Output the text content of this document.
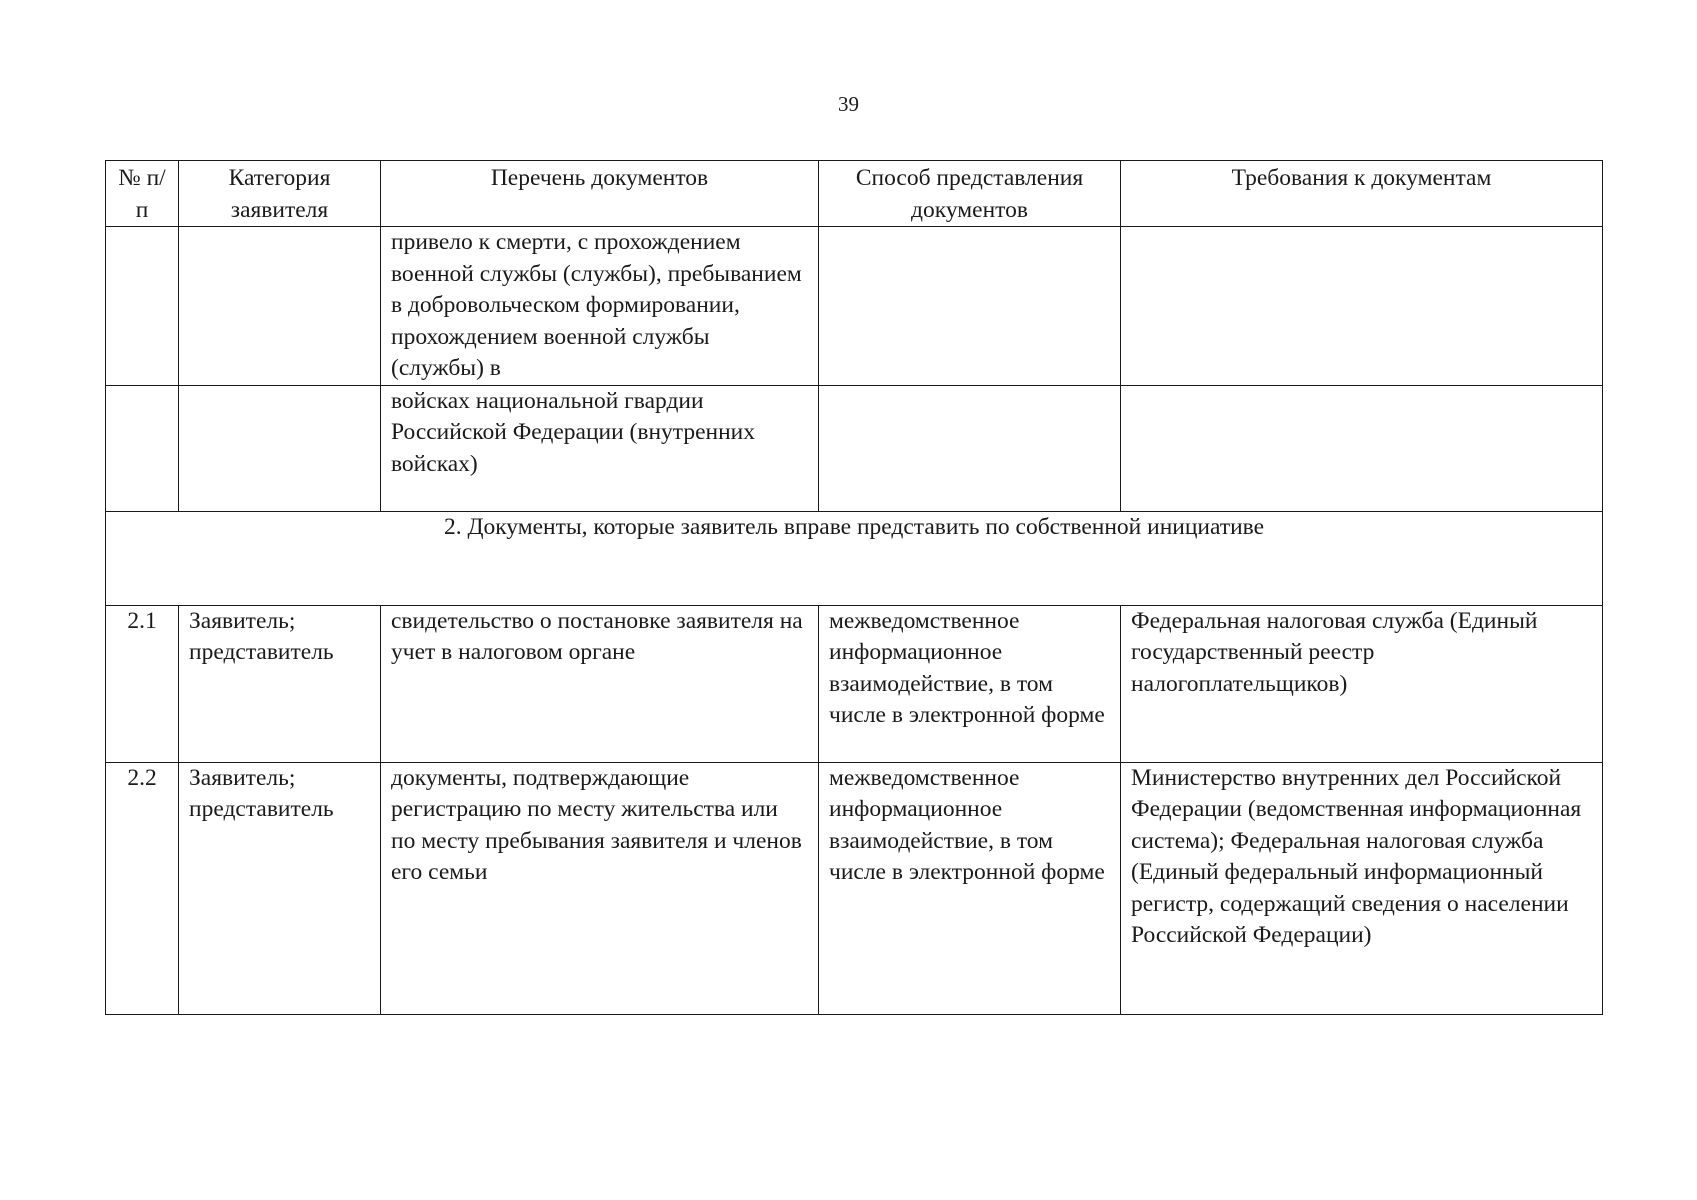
39
№ п/п	Категория заявителя	Перечень документов	Способ представления документов	Требования к документам
		привело к смерти, с прохождением военной службы (службы), пребыванием в добровольческом формировании, прохождением военной службы (службы) в		
		войсках национальной гвардии Российской Федерации (внутренних войсках)		
2. Документы, которые заявитель вправе представить по собственной инициативе				
2.1	Заявитель; представитель	свидетельство о постановке заявителя на учет в налоговом органе	межведомственное информационное взаимодействие, в том числе в электронной форме	Федеральная налоговая служба (Единый государственный реестр налогоплательщиков)
2.2	Заявитель; представитель	документы, подтверждающие регистрацию по месту жительства или по месту пребывания заявителя и членов его семьи	межведомственное информационное взаимодействие, в том числе в электронной форме	Министерство внутренних дел Российской Федерации (ведомственная информационная система); Федеральная налоговая служба (Единый федеральный информационный регистр, содержащий сведения о населении Российской Федерации)
